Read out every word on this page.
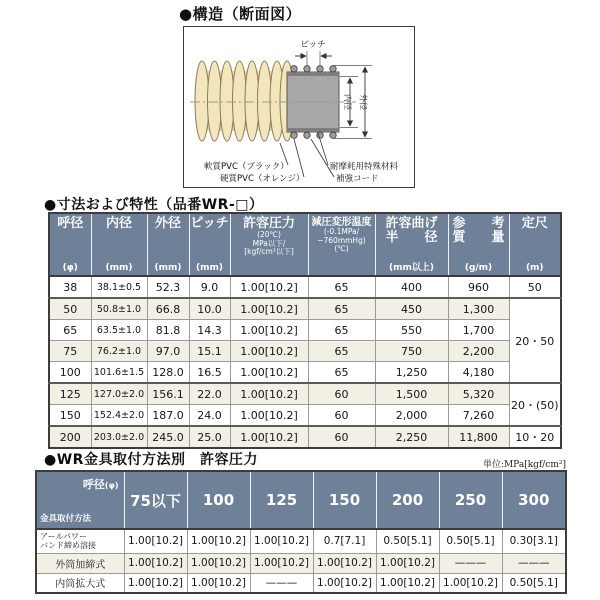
●構造（断面図）
ピッチ
内径 外径
軟質PVC（ブラック）
硬質PVC（オレンジ）
耐摩耗用特殊材料
補強コード
●寸法および特性（品番WR-□）
呼径
(φ)

内径
(mm)

外径
(mm)

ピッチ
(mm)

許容圧力
(20℃)
MPa以下/
[kgf/cm²以下]

減圧変形温度
(-0.1MPa/
−760mmHg)
(℃)

許容曲げ
半　　径
(mm以上)

参　　考
質　　量
(g/m)

定尺
(m)

38	38.1±0.5	52.3	9.0	1.00[10.2]	65	400	960	50
50	50.8±1.0	66.8	10.0	1.00[10.2]	65	450	1,300	20・50
65	63.5±1.0	81.8	14.3	1.00[10.2]	65	550	1,700	
75	76.2±1.0	97.0	15.1	1.00[10.2]	65	750	2,200	
100	101.6±1.5	128.0	16.5	1.00[10.2]	65	1,250	4,180	
125	127.0±2.0	156.1	22.0	1.00[10.2]	60	1,500	5,320	20・(50)
150	152.4±2.0	187.0	24.0	1.00[10.2]	60	2,000	7,260	
200	203.0±2.0	245.0	25.0	1.00[10.2]	60	2,250	11,800	10・20
●WR金具取付方法別　許容圧力	単位:MPa[kgf/cm²]
呼径(φ)
金具取付方法	75以下	100	125	150	200	250	300

アールパワー
バンド締め溶接	1.00[10.2]	1.00[10.2]	1.00[10.2]	0.7[7.1]	0.50[5.1]	0.50[5.1]	0.30[3.1]
外筒加締式	1.00[10.2]	1.00[10.2]	1.00[10.2]	1.00[10.2]	1.00[10.2]	———	———
内筒拡大式	1.00[10.2]	1.00[10.2]	———	1.00[10.2]	1.00[10.2]	1.00[10.2]	0.50[5.1]
